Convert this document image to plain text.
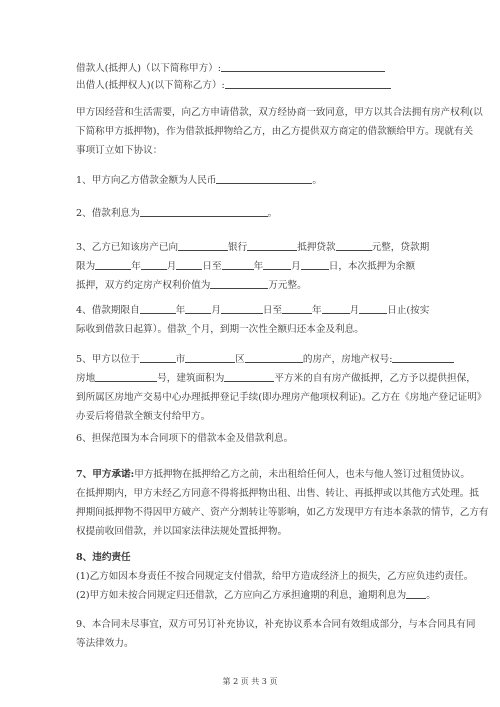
借款人(抵押人)（以下简称甲方）:
出借人(抵押权人)(以下简称乙方）:

甲方因经营和生活需要，向乙方申请借款，双方经协商一致同意，甲方以其合法拥有房产权利(以

下简称甲方抵押物)，作为借款抵押物给乙方，由乙方提供双方商定的借款额给甲方。现就有关

事项订立如下协议：

1、甲方向乙方借款金额为人民币	。
2、借款利息为	。

3、乙方已知该房产已向	银行	抵押贷款	元整，贷款期

限为	年	月	日至	年	月	日，本次抵押为余额

抵押，双方约定房产权利价值为	万元整。

4、借款期限自	年	月	日至	年	月	日止(按实

际收到借款日起算）。借款_个月，到期一次性全额归还本金及利息。

5、甲方以位于	市	区	的房产，房地产权号:

房地	号，建筑面积为	平方米的自有房产做抵押，乙方予以提供担保，

到所属区房地产交易中心办理抵押登记手续(即办理房产他项权利证)。乙方在《房地产登记证明》

办妥后将借款全额支付给甲方。

6、担保范围为本合同项下的借款本金及借款利息。

7、甲方承诺:甲方抵押物在抵押给乙方之前，未出租给任何人，也未与他人签订过租赁协议。

在抵押期内，甲方未经乙方同意不得将抵押物出租、出售、转让、再抵押或以其他方式处理。抵

押期间抵押物不得因甲方破产、资产分割转让等影响，如乙方发现甲方有违本条款的情节，乙方有

权提前收回借款，并以国家法律法规处置抵押物。

8、违约责任

(1)乙方如因本身责任不按合同规定支付借款，给甲方造成经济上的损失，乙方应负违约责任。

(2)甲方如未按合同规定归还借款，乙方应向乙方承担逾期的利息，逾期利息为 。

9、本合同未尽事宜，双方可另订补充协议，补充协议系本合同有效组成部分，与本合同具有同

等法律效力。

第 2 页 共 3 页
